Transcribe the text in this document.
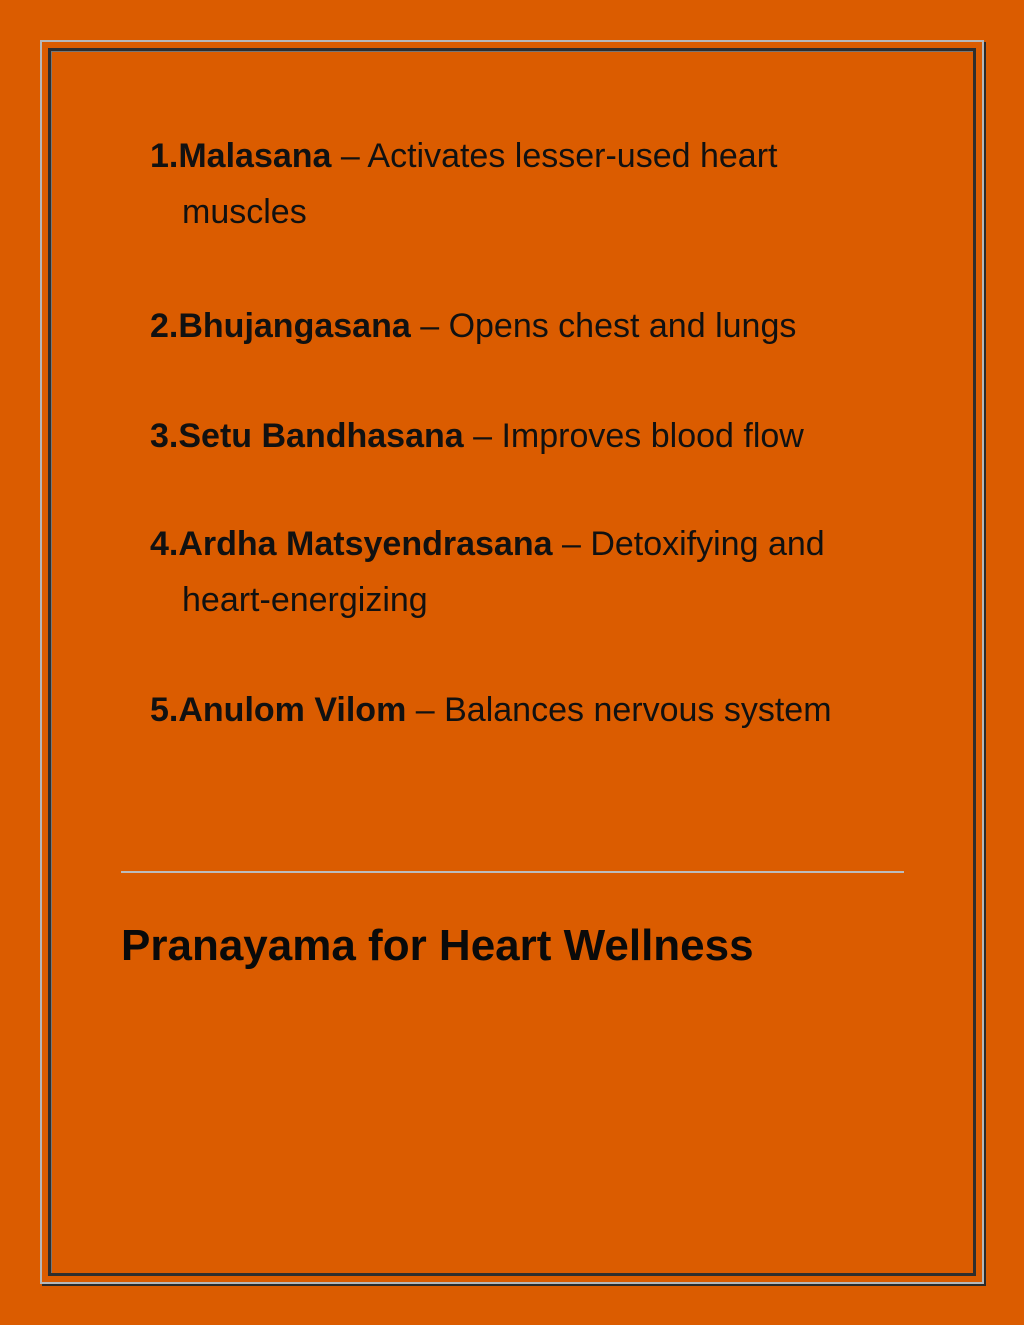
1.Malasana – Activates lesser-used heart muscles
2.Bhujangasana – Opens chest and lungs
3.Setu Bandhasana – Improves blood flow
4.Ardha Matsyendrasana – Detoxifying and heart-energizing
5.Anulom Vilom – Balances nervous system
Pranayama for Heart Wellness
